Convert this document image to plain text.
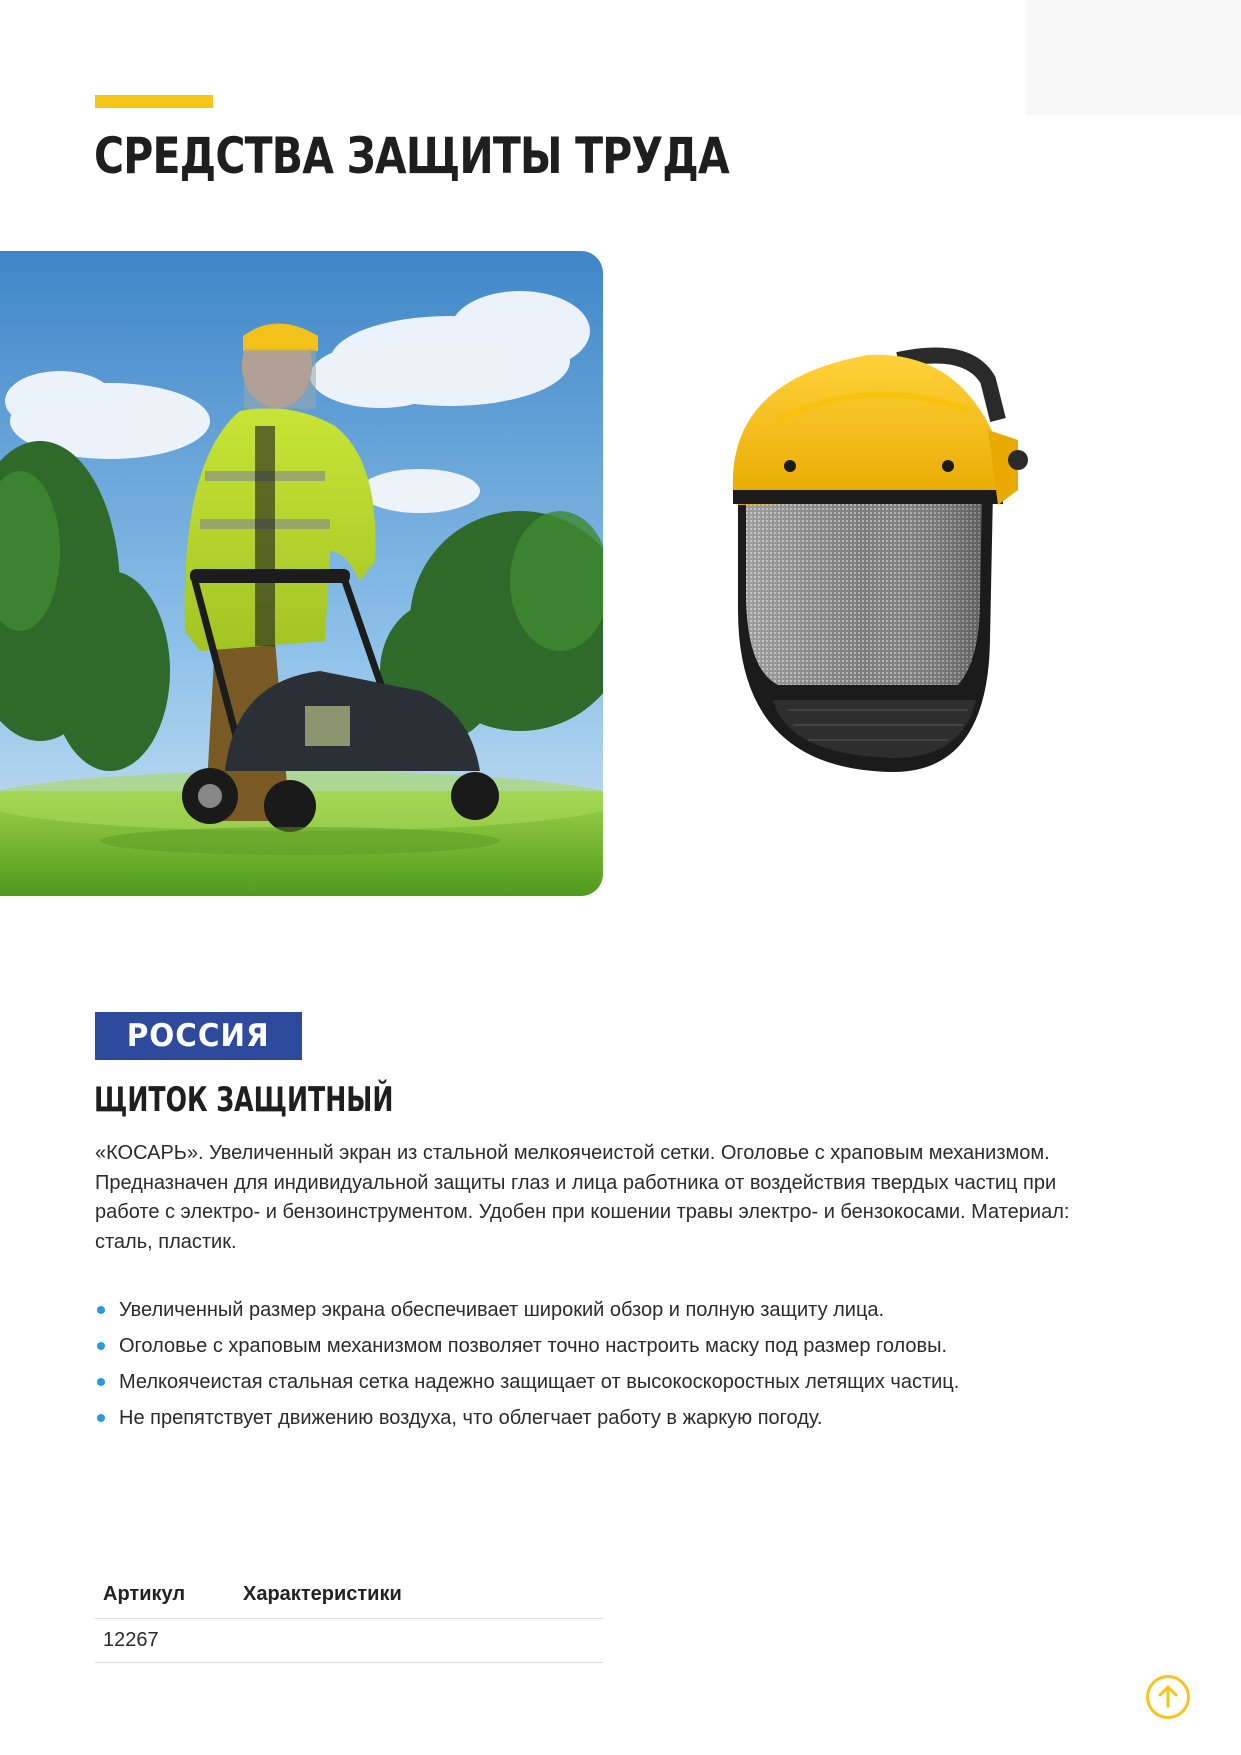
СРЕДСТВА ЗАЩИТЫ ТРУДА
РОССИЯ
ЩИТОК ЗАЩИТНЫЙ

«КОСАРЬ». Увеличенный экран из стальной мелкоячеистой сетки. Оголовье с храповым механизмом. Предназначен для индивидуальной защиты глаз и лица работника от воздействия твердых частиц при работе с электро- и бензоинструментом. Удобен при кошении травы электро- и бензокосами. Материал: сталь, пластик.

Увеличенный размер экрана обеспечивает широкий обзор и полную защиту лица.
Оголовье с храповым механизмом позволяет точно настроить маску под размер головы.
Мелкоячеистая стальная сетка надежно защищает от высокоскоростных летящих частиц.
Не препятствует движению воздуха, что облегчает работу в жаркую погоду.
Артикул	Характеристики
12267	
